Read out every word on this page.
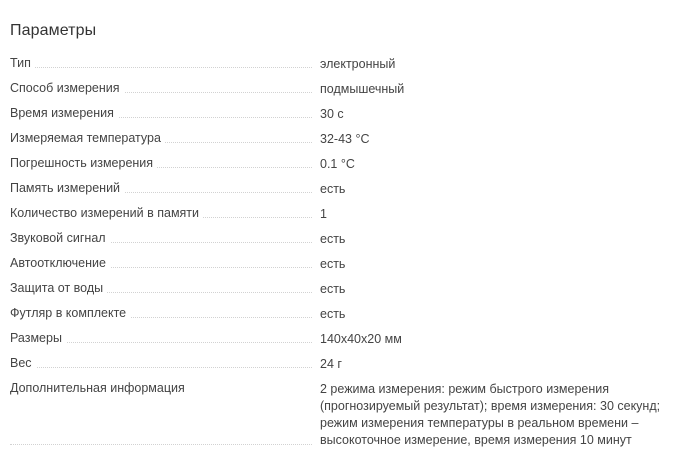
Параметры
Тип	электронный
Способ измерения	подмышечный
Время измерения	30 с
Измеряемая температура	32-43 °С
Погрешность измерения	0.1 °С
Память измерений	есть
Количество измерений в памяти	1
Звуковой сигнал	есть
Автоотключение	есть
Защита от воды	есть
Футляр в комплекте	есть
Размеры	140x40x20 мм
Вес	24 г
Дополнительная информация	2 режима измерения: режим быстрого измерения (прогнозируемый результат); время измерения: 30 секунд; режим измерения температуры в реальном времени – высокоточное измерение, время измерения 10 минут
